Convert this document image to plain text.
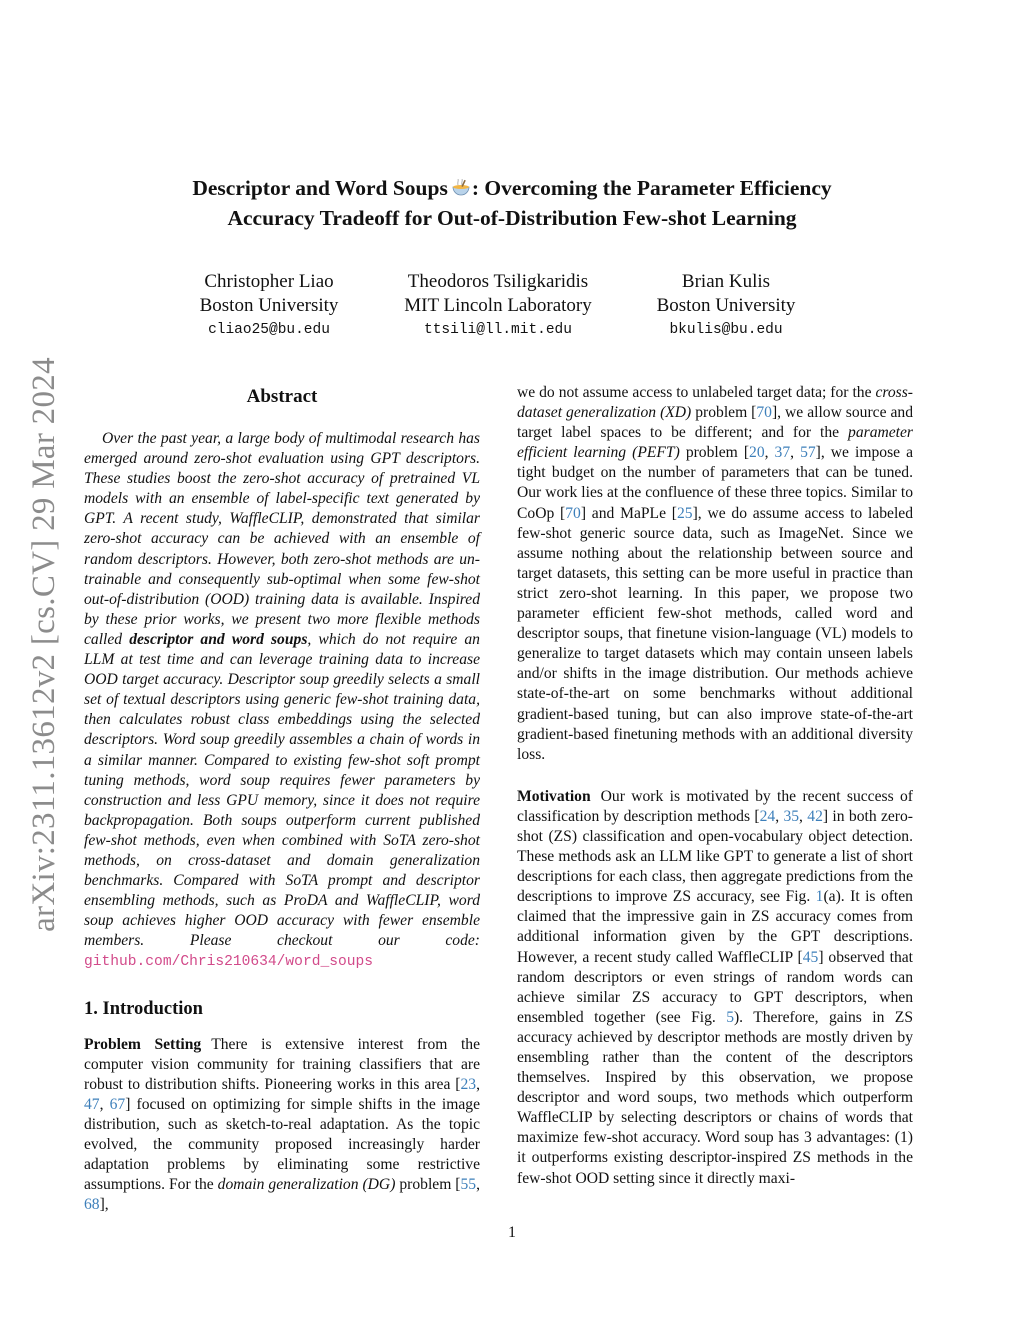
arXiv:2311.13612v2 [cs.CV] 29 Mar 2024
Descriptor and Word Soups : Overcoming the Parameter Efficiency
Accuracy Tradeoff for Out-of-Distribution Few-shot Learning
Christopher Liao
Boston University
cliao25@bu.edu
Theodoros Tsiligkaridis
MIT Lincoln Laboratory
ttsili@ll.mit.edu
Brian Kulis
Boston University
bkulis@bu.edu
Abstract

Over the past year, a large body of multimodal research has emerged around zero-shot evaluation using GPT descriptors. These studies boost the zero-shot accuracy of pretrained VL models with an ensemble of label-specific text generated by GPT. A recent study, WaffleCLIP, demonstrated that similar zero-shot accuracy can be achieved with an ensemble of random descriptors. However, both zero-shot methods are un-trainable and consequently sub-optimal when some few-shot out-of-distribution (OOD) training data is available. Inspired by these prior works, we present two more flexible methods called descriptor and word soups, which do not require an LLM at test time and can leverage training data to increase OOD target accuracy. Descriptor soup greedily selects a small set of textual descriptors using generic few-shot training data, then calculates robust class embeddings using the selected descriptors. Word soup greedily assembles a chain of words in a similar manner. Compared to existing few-shot soft prompt tuning methods, word soup requires fewer parameters by construction and less GPU memory, since it does not require backpropagation. Both soups outperform current published few-shot methods, even when combined with SoTA zero-shot methods, on cross-dataset and domain generalization benchmarks. Compared with SoTA prompt and descriptor ensembling methods, such as ProDA and WaffleCLIP, word soup achieves higher OOD accuracy with fewer ensemble members. Please checkout our code: github.com/Chris210634/word_soups

1. Introduction

Problem Setting There is extensive interest from the computer vision community for training classifiers that are robust to distribution shifts. Pioneering works in this area [23, 47, 67] focused on optimizing for simple shifts in the image distribution, such as sketch-to-real adaptation. As the topic evolved, the community proposed increasingly harder adaptation problems by eliminating some restrictive assumptions. For the domain generalization (DG) problem [55, 68],

we do not assume access to unlabeled target data; for the cross-dataset generalization (XD) problem [70], we allow source and target label spaces to be different; and for the parameter efficient learning (PEFT) problem [20, 37, 57], we impose a tight budget on the number of parameters that can be tuned. Our work lies at the confluence of these three topics. Similar to CoOp [70] and MaPLe [25], we do assume access to labeled few-shot generic source data, such as ImageNet. Since we assume nothing about the relationship between source and target datasets, this setting can be more useful in practice than strict zero-shot learning. In this paper, we propose two parameter efficient few-shot methods, called word and descriptor soups, that finetune vision-language (VL) models to generalize to target datasets which may contain unseen labels and/or shifts in the image distribution. Our methods achieve state-of-the-art on some benchmarks without additional gradient-based tuning, but can also improve state-of-the-art gradient-based finetuning methods with an additional diversity loss.

Motivation Our work is motivated by the recent success of classification by description methods [24, 35, 42] in both zero-shot (ZS) classification and open-vocabulary object detection. These methods ask an LLM like GPT to generate a list of short descriptions for each class, then aggregate predictions from the descriptions to improve ZS accuracy, see Fig. 1(a). It is often claimed that the impressive gain in ZS accuracy comes from additional information given by the GPT descriptions. However, a recent study called WaffleCLIP [45] observed that random descriptors or even strings of random words can achieve similar ZS accuracy to GPT descriptors, when ensembled together (see Fig. 5). Therefore, gains in ZS accuracy achieved by descriptor methods are mostly driven by ensembling rather than the content of the descriptors themselves. Inspired by this observation, we propose descriptor and word soups, two methods which outperform WaffleCLIP by selecting descriptors or chains of words that maximize few-shot accuracy. Word soup has 3 advantages: (1) it outperforms existing descriptor-inspired ZS methods in the few-shot OOD setting since it directly maxi-

1
